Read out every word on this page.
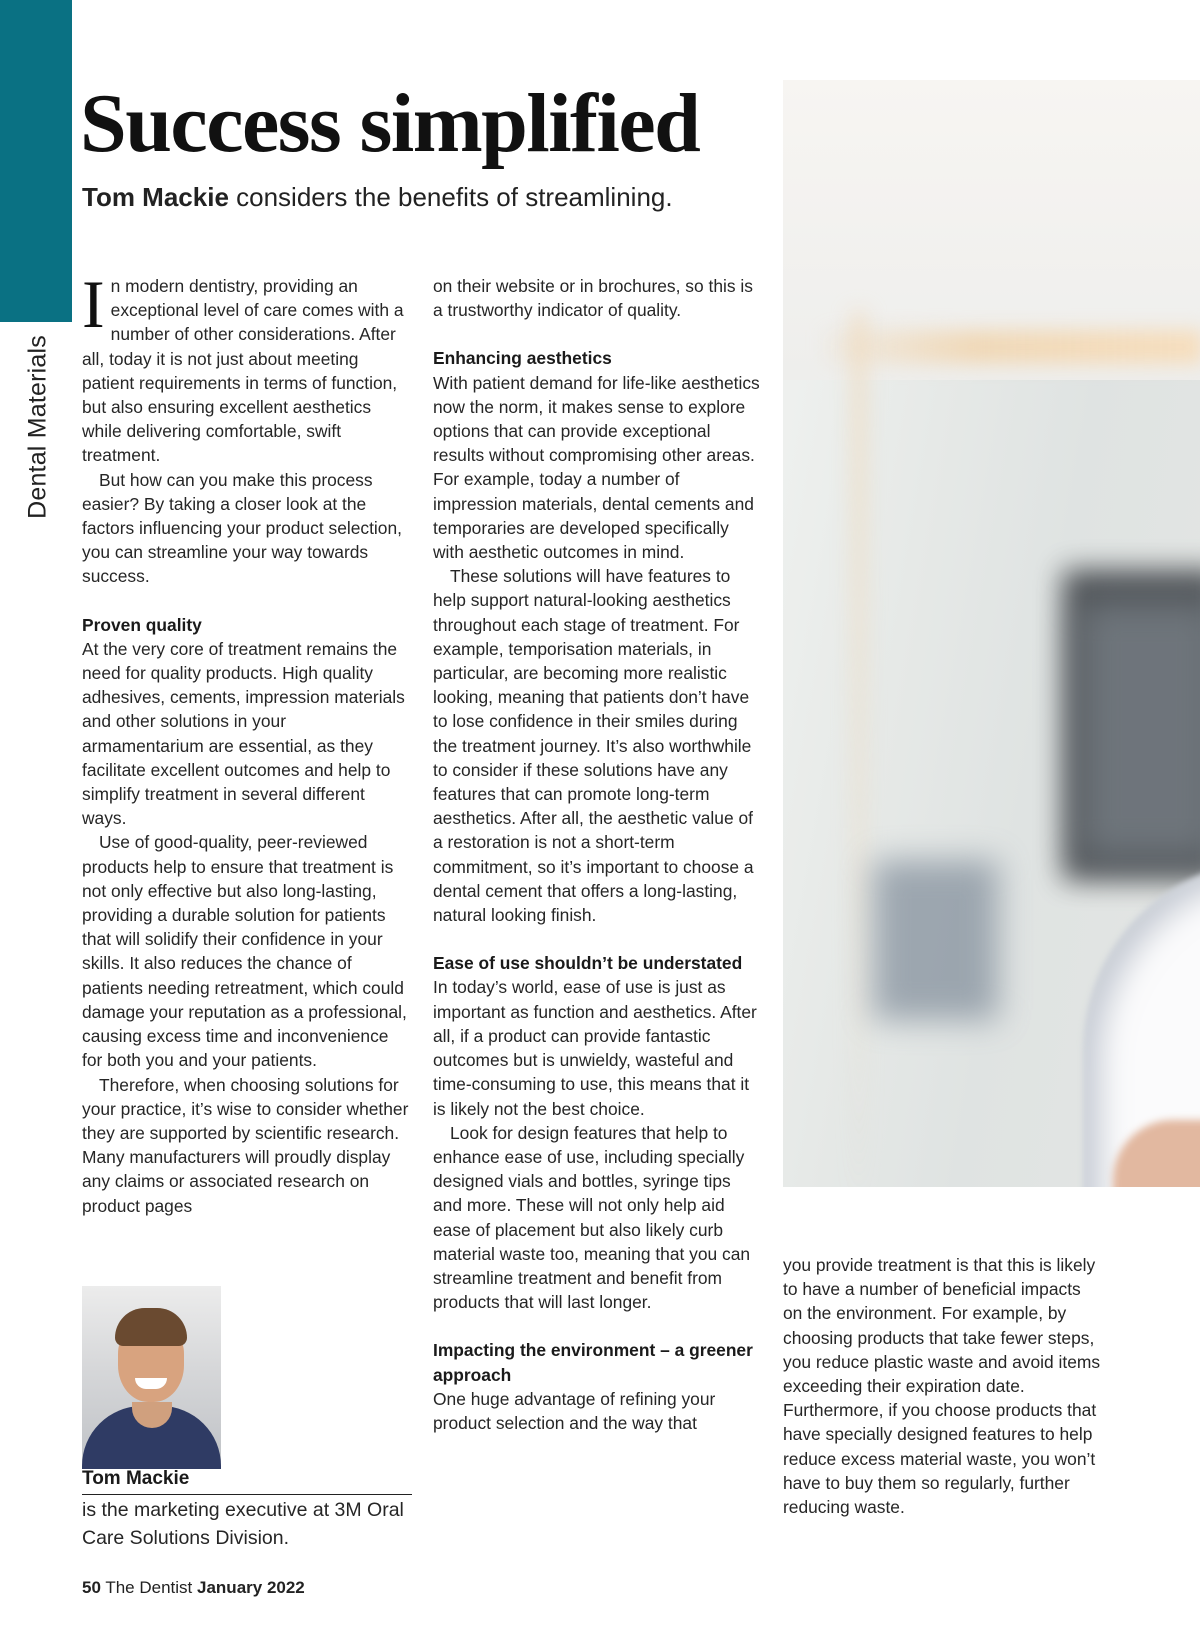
Dental Materials
Success simplified

Tom Mackie considers the benefits of streamlining.

In modern dentistry, providing an exceptional level of care comes with a number of other considerations. After all, today it is not just about meeting patient requirements in terms of function, but also ensuring excellent aesthetics while delivering comfortable, swift treatment.

But how can you make this process easier? By taking a closer look at the factors influencing your product selection, you can streamline your way towards success.

Proven quality

At the very core of treatment remains the need for quality products. High quality adhesives, cements, impression materials and other solutions in your armamentarium are essential, as they facilitate excellent outcomes and help to simplify treatment in several different ways.

Use of good-quality, peer-reviewed products help to ensure that treatment is not only effective but also long-lasting, providing a durable solution for patients that will solidify their confidence in your skills. It also reduces the chance of patients needing retreatment, which could damage your reputation as a professional, causing excess time and inconvenience for both you and your patients.

Therefore, when choosing solutions for your practice, it’s wise to consider whether they are supported by scientific research. Many manufacturers will proudly display any claims or associated research on product pages

on their website or in brochures, so this is a trustworthy indicator of quality.

Enhancing aesthetics

With patient demand for life-like aesthetics now the norm, it makes sense to explore options that can provide exceptional results without compromising other areas. For example, today a number of impression materials, dental cements and temporaries are developed specifically with aesthetic outcomes in mind.

These solutions will have features to help support natural-looking aesthetics throughout each stage of treatment. For example, temporisation materials, in particular, are becoming more realistic looking, meaning that patients don’t have to lose confidence in their smiles during the treatment journey. It’s also worthwhile to consider if these solutions have any features that can promote long-term aesthetics. After all, the aesthetic value of a restoration is not a short-term commitment, so it’s important to choose a dental cement that offers a long-lasting, natural looking finish.

Ease of use shouldn’t be understated

In today’s world, ease of use is just as important as function and aesthetics. After all, if a product can provide fantastic outcomes but is unwieldy, wasteful and time-consuming to use, this means that it is likely not the best choice.

Look for design features that help to enhance ease of use, including specially designed vials and bottles, syringe tips and more. These will not only help aid ease of placement but also likely curb material waste too, meaning that you can streamline treatment and benefit from products that will last longer.

Impacting the environment – a greener approach

One huge advantage of refining your product selection and the way that

you provide treatment is that this is likely to have a number of beneficial impacts on the environment. For example, by choosing products that take fewer steps, you reduce plastic waste and avoid items exceeding their expiration date. Furthermore, if you choose products that have specially designed features to help reduce excess material waste, you won’t have to buy them so regularly, further reducing waste.

Tom Mackie

is the marketing executive at 3M Oral Care Solutions Division.

50 The Dentist January 2022
